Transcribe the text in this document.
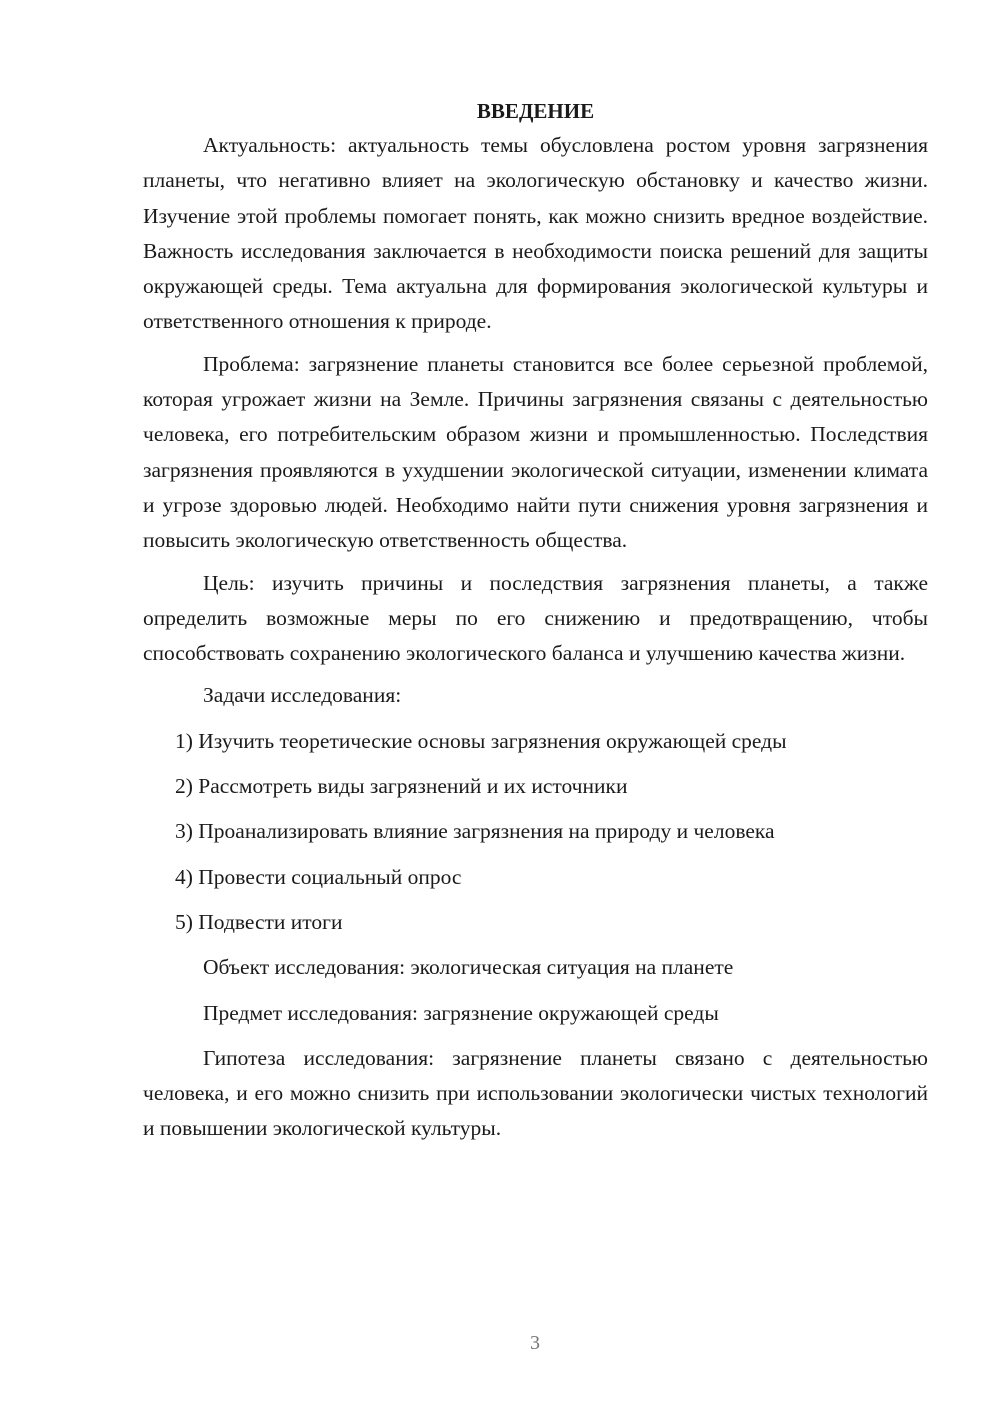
ВВЕДЕНИЕ

Актуальность: актуальность темы обусловлена ростом уровня загрязнения планеты, что негативно влияет на экологическую обстановку и качество жизни. Изучение этой проблемы помогает понять, как можно снизить вредное воздействие. Важность исследования заключается в необходимости поиска решений для защиты окружающей среды. Тема актуальна для формирования экологической культуры и ответственного отношения к природе.

Проблема: загрязнение планеты становится все более серьезной проблемой, которая угрожает жизни на Земле. Причины загрязнения связаны с деятельностью человека, его потребительским образом жизни и промышленностью. Последствия загрязнения проявляются в ухудшении экологической ситуации, изменении климата и угрозе здоровью людей. Необходимо найти пути снижения уровня загрязнения и повысить экологическую ответственность общества.

Цель: изучить причины и последствия загрязнения планеты, а также определить возможные меры по его снижению и предотвращению, чтобы способствовать сохранению экологического баланса и улучшению качества жизни.

Задачи исследования:

1) Изучить теоретические основы загрязнения окружающей среды
2) Рассмотреть виды загрязнений и их источники
3) Проанализировать влияние загрязнения на природу и человека
4) Провести социальный опрос
5) Подвести итоги

Объект исследования: экологическая ситуация на планете

Предмет исследования: загрязнение окружающей среды

Гипотеза исследования: загрязнение планеты связано с деятельностью человека, и его можно снизить при использовании экологически чистых технологий и повышении экологической культуры.

3
